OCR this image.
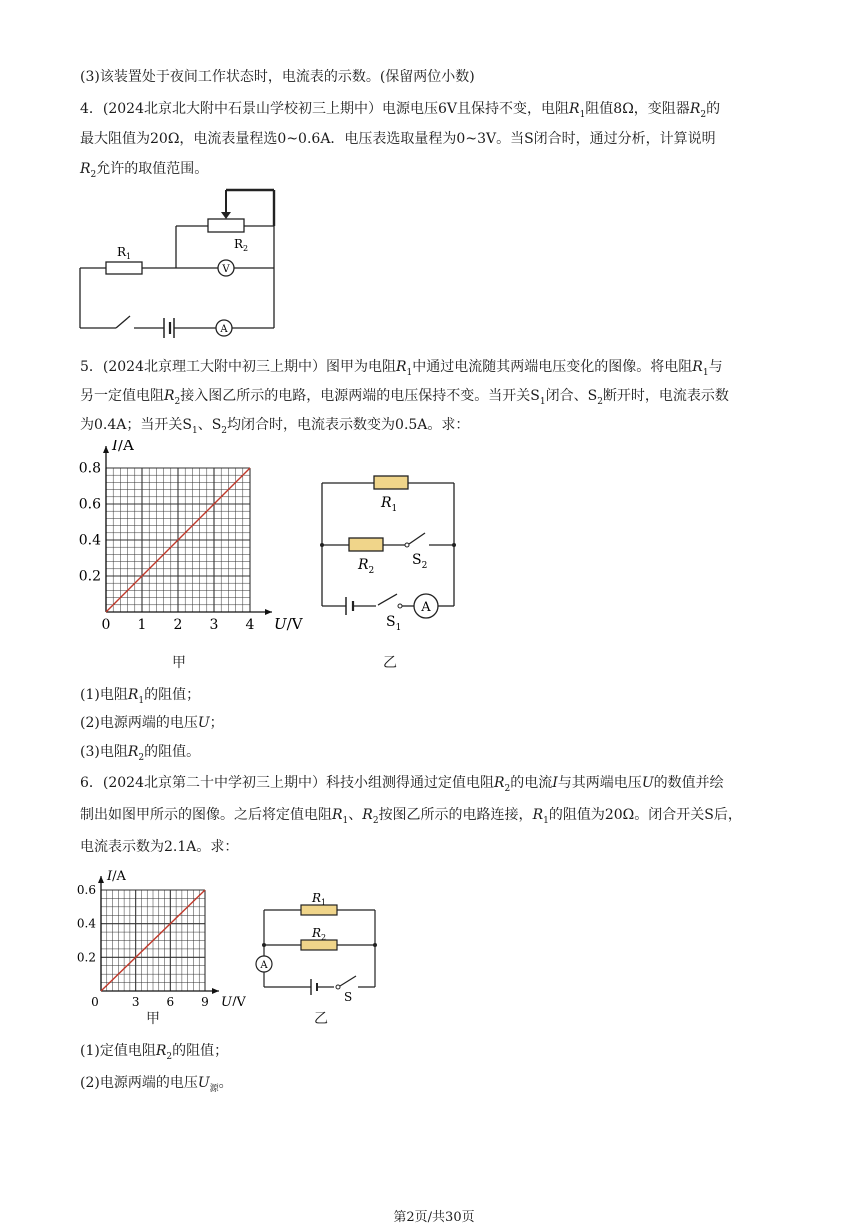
(3)该装置处于夜间工作状态时，电流表的示数。(保留两位小数)
4．(2024北京北大附中石景山学校初三上期中）电源电压6V且保持不变，电阻$R_1$阻值8Ω，变阻器$R_2$的
最大阻值为20Ω，电流表量程选0~0.6A．电压表选取量程为0~3V。当S闭合时，通过分析，计算说明
$R_2$允许的取值范围。
V
A
$R_1$
$R_2$
5．(2024北京理工大附中初三上期中）图甲为电阻$R_1$中通过电流随其两端电压变化的图像。将电阻$R_1$与
另一定值电阻$R_2$接入图乙所示的电路，电源两端的电压保持不变。当开关$S_1$闭合、$S_2$断开时，电流表示数
为0.4A；当开关$S_1$、$S_2$均闭合时，电流表示数变为0.5A。求：
0 1 2 3 4
0.2
0.4
0.6
0.8
I/A
U/V
甲
A
$R_1$
$R_2$
$S_2$
$S_1$
乙
(1)电阻$R_1$的阻值；
(2)电源两端的电压U；
(3)电阻$R_2$的阻值。
6．(2024北京第二十中学初三上期中）科技小组测得通过定值电阻$R_2$的电流I与其两端电压U的数值并绘
制出如图甲所示的图像。之后将定值电阻$R_1$、$R_2$按图乙所示的电路连接，$R_1$的阻值为20Ω。闭合开关S后，
电流表示数为2.1A。求：
0	3 6 9
0.2
0.4
0.6
I/A
U/V
甲
A
$R_1$
$R_2$
S
乙
(1)定值电阻$R_2$的阻值；
(2)电源两端的电压$U_源$。
第2页/共30页
